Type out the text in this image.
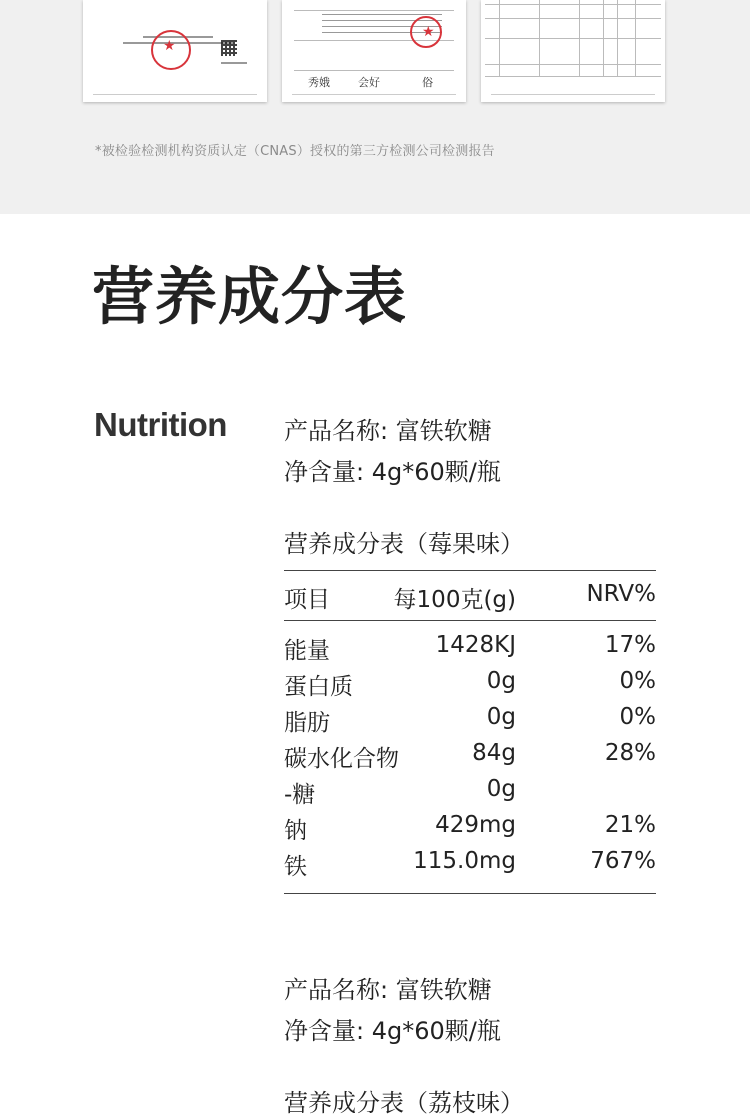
★
★
秀娥	会好	俗
*被检验检测机构资质认定（CNAS）授权的第三方检测公司检测报告
营养成分表
Nutrition 产品名称: 富铁软糖
净含量: 4g*60颗/瓶
营养成分表（莓果味）
项目	每100克(g)	NRV%
能量	1428KJ	17%
蛋白质	0g	0%
脂肪	0g	0%
碳水化合物	84g	28%
-糖	0g
钠	429mg	21%
铁	115.0mg	767%
产品名称: 富铁软糖
净含量: 4g*60颗/瓶
营养成分表（荔枝味）
